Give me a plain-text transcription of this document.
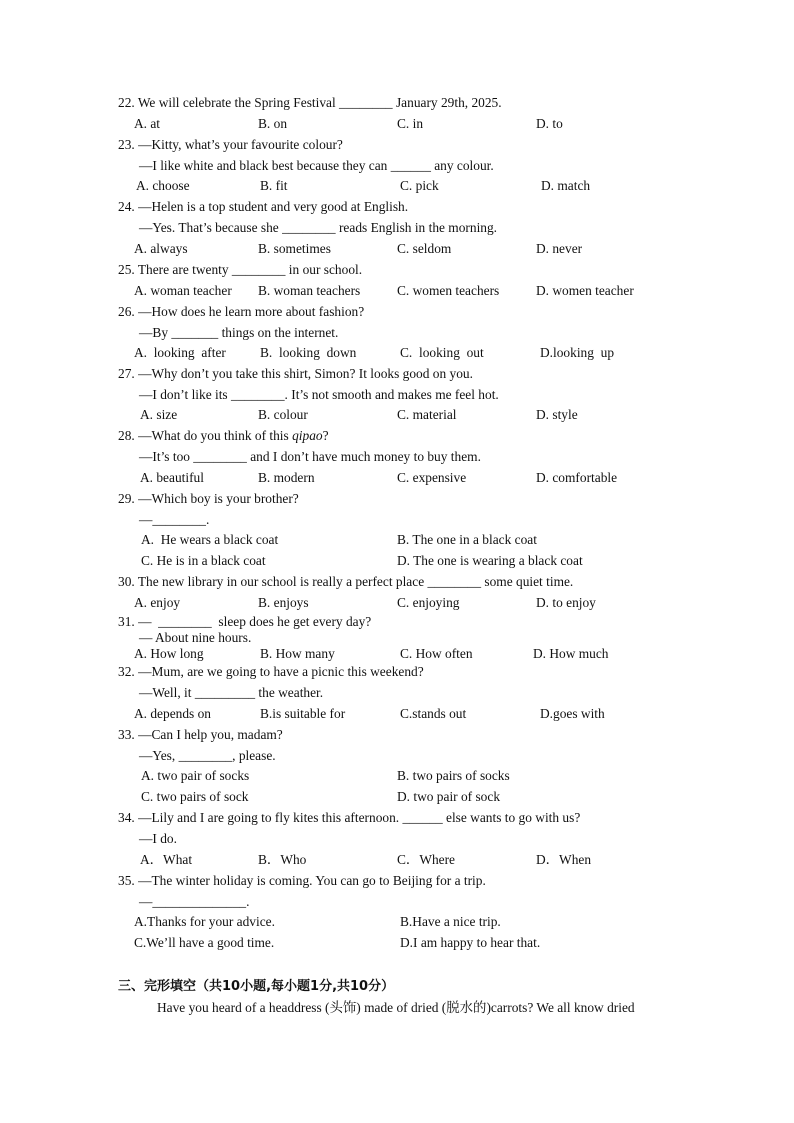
22. We will celebrate the Spring Festival ________ January 29th, 2025.
A. at	B. on	C. in	D. to
23. —Kitty, what’s your favourite colour?
—I like white and black best because they can ______ any colour.
A. choose	B. fit	C. pick	D. match
24. —Helen is a top student and very good at English.
—Yes. That’s because she ________ reads English in the morning.
A. always	B. sometimes	C. seldom	D. never
25. There are twenty ________ in our school.
A. woman teacher B. woman teachers	C. women teachers	D. women teacher
26. —How does he learn more about fashion?
—By _______ things on the internet.
A.  looking  after	B.  looking  down	C.  looking  out	D.looking  up
27. —Why don’t you take this shirt, Simon? It looks good on you.
—I don’t like its ________. It’s not smooth and makes me feel hot.
A. size	B. colour	C. material	D. style
28. —What do you think of this qipao?
—It’s too ________ and I don’t have much money to buy them.
A. beautiful	B. modern	C. expensive	D. comfortable
29. —Which boy is your brother?
—________.
A.  He wears a black coat	B. The one in a black coat
C. He is in a black coat	D. The one is wearing a black coat
30. The new library in our school is really a perfect place ________ some quiet time.
A. enjoy	B. enjoys	C. enjoying	D. to enjoy
31. —  ________  sleep does he get every day?
— About nine hours.
A. How long	B. How many	C. How often	D. How much
32. —Mum, are we going to have a picnic this weekend?
—Well, it _________ the weather.
A. depends on	B.is suitable for	C.stands out	D.goes with
33. —Can I help you, madam?
—Yes, ________, please.
A. two pair of socks	B. two pairs of socks
C. two pairs of sock	D. two pair of sock
34. —Lily and I are going to fly kites this afternoon. ______ else wants to go with us?
—I do.
A．What	B．Who	C．Where	D．When
35. —The winter holiday is coming. You can go to Beijing for a trip.
—______________.
A.Thanks for your advice.	B.Have a nice trip.
C.We’ll have a good time.	D.I am happy to hear that.
三、完形填空（共10小题,每小题1分,共10分）
Have you heard of a headdress (头饰) made of dried (脱水的)carrots? We all know dried
